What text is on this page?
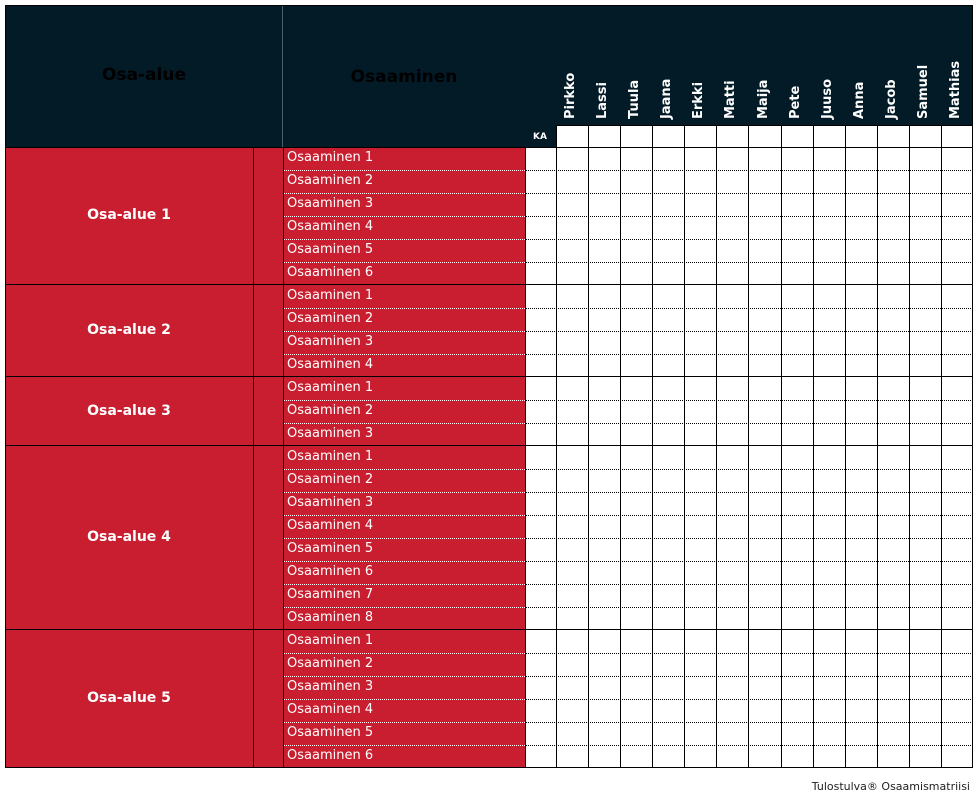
Osa-alue	Osaaminen
KA
Pirkko Lassi Tuula Jaana Erkki Matti Maija Pete Juuso Anna Jacob Samuel Mathias
Osa-alue 1
Osaaminen 1
Osaaminen 2
Osaaminen 3
Osaaminen 4
Osaaminen 5
Osaaminen 6
Osa-alue 2
Osaaminen 1
Osaaminen 2
Osaaminen 3
Osaaminen 4
Osa-alue 3
Osaaminen 1
Osaaminen 2
Osaaminen 3
Osa-alue 4
Osaaminen 1
Osaaminen 2
Osaaminen 3
Osaaminen 4
Osaaminen 5
Osaaminen 6
Osaaminen 7
Osaaminen 8
Osa-alue 5
Osaaminen 1
Osaaminen 2
Osaaminen 3
Osaaminen 4
Osaaminen 5
Osaaminen 6
Tulostulva® Osaamismatriisi
